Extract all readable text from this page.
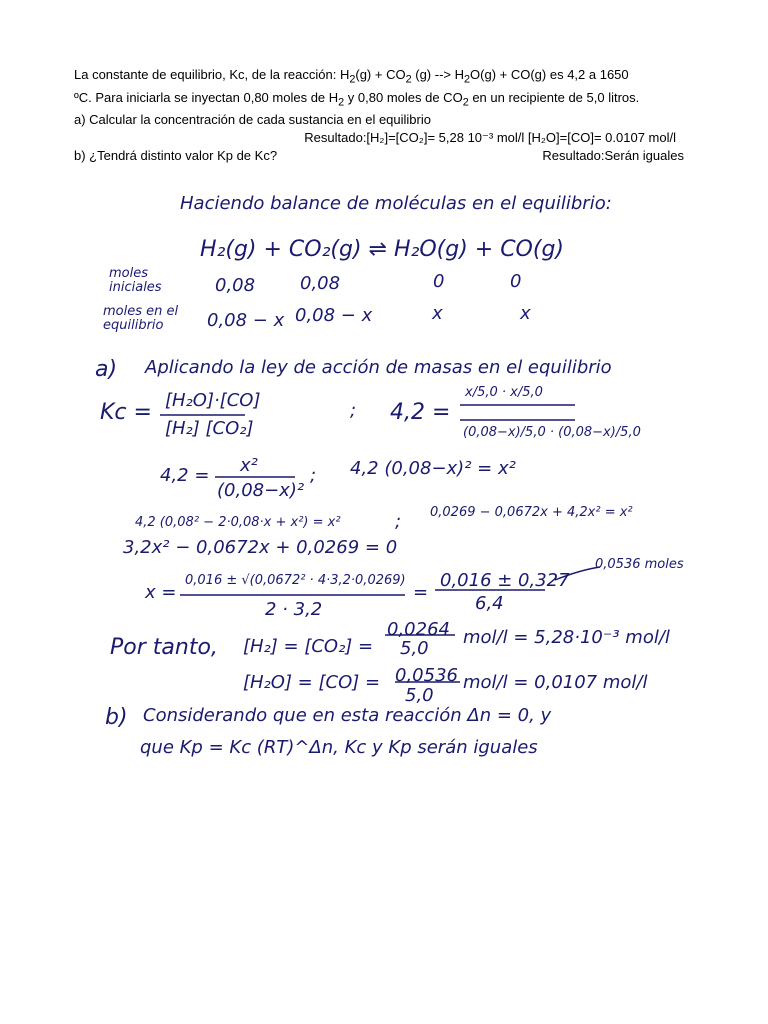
La constante de equilibrio, Kc, de la reacción: $H_2(g) + CO_2$ (g) --> $H_2O(g) + CO(g)$ es 4,2 a 1650

ºC. Para iniciarla se inyectan 0,80 moles de $H_2$ y 0,80 moles de $CO_2$ en un recipiente de 5,0 litros.

a) Calcular la concentración de cada sustancia en el equilibrio

Resultado:[H₂]=[CO₂]= 5,28 10⁻³ mol/l [H₂O]=[CO]= 0.0107 mol/l

b) ¿Tendrá distinto valor Kp de Kc?	Resultado:Serán iguales
Haciendo balance de moléculas en el equilibrio:
H₂(g) + CO₂(g) ⇌ H₂O(g) + CO(g)
moles iniciales	0,08 0,08	0	0
moles en el equilibrio	0,08 − x 0,08 − x	x	x
a) Aplicando la ley de acción de masas en el equilibrio
Kc = [H₂O]·[CO]
[H₂] [CO₂]
; 4,2 =
x/5,0 · x/5,0
(0,08−x)/5,0 · (0,08−x)/5,0
4,2 = x²
(0,08−x)²
; 4,2 (0,08−x)² = x²
4,2 (0,08² − 2·0,08·x + x²) = x²	; 0,0269 − 0,0672x + 4,2x² = x²
3,2x² − 0,0672x + 0,0269 = 0
x =
0,016 ± √(0,0672² · 4·3,2·0,0269)
2 · 3,2
=
0,016 ± 0,327
6,4
0,0536 moles
Por tanto, [H₂] = [CO₂] =
0,0264
5,0
mol/l = 5,28·10⁻³ mol/l
[H₂O] = [CO] = 0,0536
5,0
mol/l = 0,0107 mol/l
b) Considerando que en esta reacción Δn = 0, y
que Kp = Kc (RT)^Δn, Kc y Kp serán iguales
